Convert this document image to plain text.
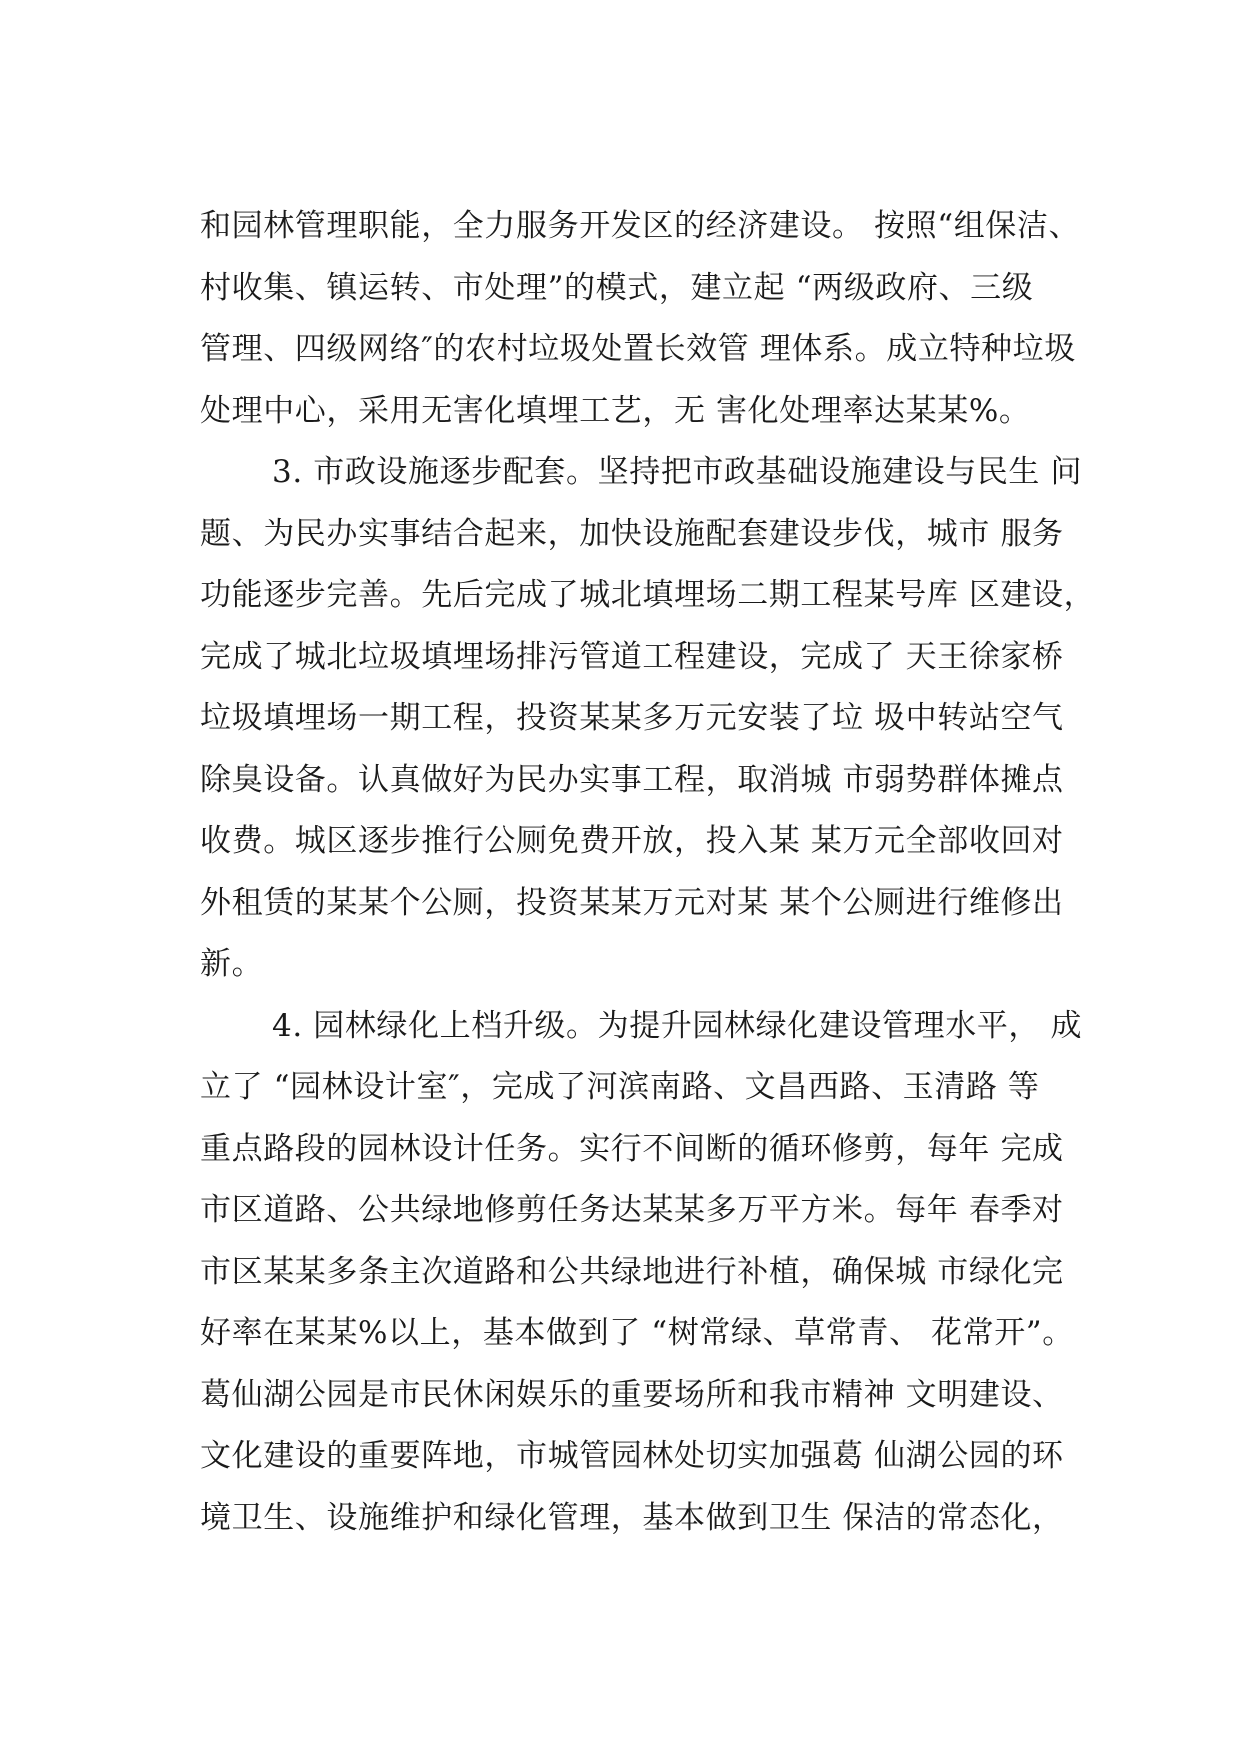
和园林管理职能，全力服务开发区的经济建设。 按照“组保洁、
村收集、镇运转、市处理”的模式，建立起 “两级政府、三级
管理、四级网络″的农村垃圾处置长效管 理体系。成立特种垃圾
处理中心，采用无害化填埋工艺，无 害化处理率达某某%。
3. 市政设施逐步配套。坚持把市政基础设施建设与民生 问
题、为民办实事结合起来，加快设施配套建设步伐，城市 服务
功能逐步完善。先后完成了城北填埋场二期工程某号库 区建设，
完成了城北垃圾填埋场排污管道工程建设，完成了 天王徐家桥
垃圾填埋场一期工程，投资某某多万元安装了垃 圾中转站空气
除臭设备。认真做好为民办实事工程，取消城 市弱势群体摊点
收费。城区逐步推行公厕免费开放，投入某 某万元全部收回对
外租赁的某某个公厕，投资某某万元对某 某个公厕进行维修出
新。
4. 园林绿化上档升级。为提升园林绿化建设管理水平， 成
立了 “园林设计室″，完成了河滨南路、文昌西路、玉清路 等
重点路段的园林设计任务。实行不间断的循环修剪，每年 完成
市区道路、公共绿地修剪任务达某某多万平方米。每年 春季对
市区某某多条主次道路和公共绿地进行补植，确保城 市绿化完
好率在某某%以上，基本做到了 “树常绿、草常青、 花常开”。
葛仙湖公园是市民休闲娱乐的重要场所和我市精神 文明建设、
文化建设的重要阵地，市城管园林处切实加强葛 仙湖公园的环
境卫生、设施维护和绿化管理，基本做到卫生 保洁的常态化，
